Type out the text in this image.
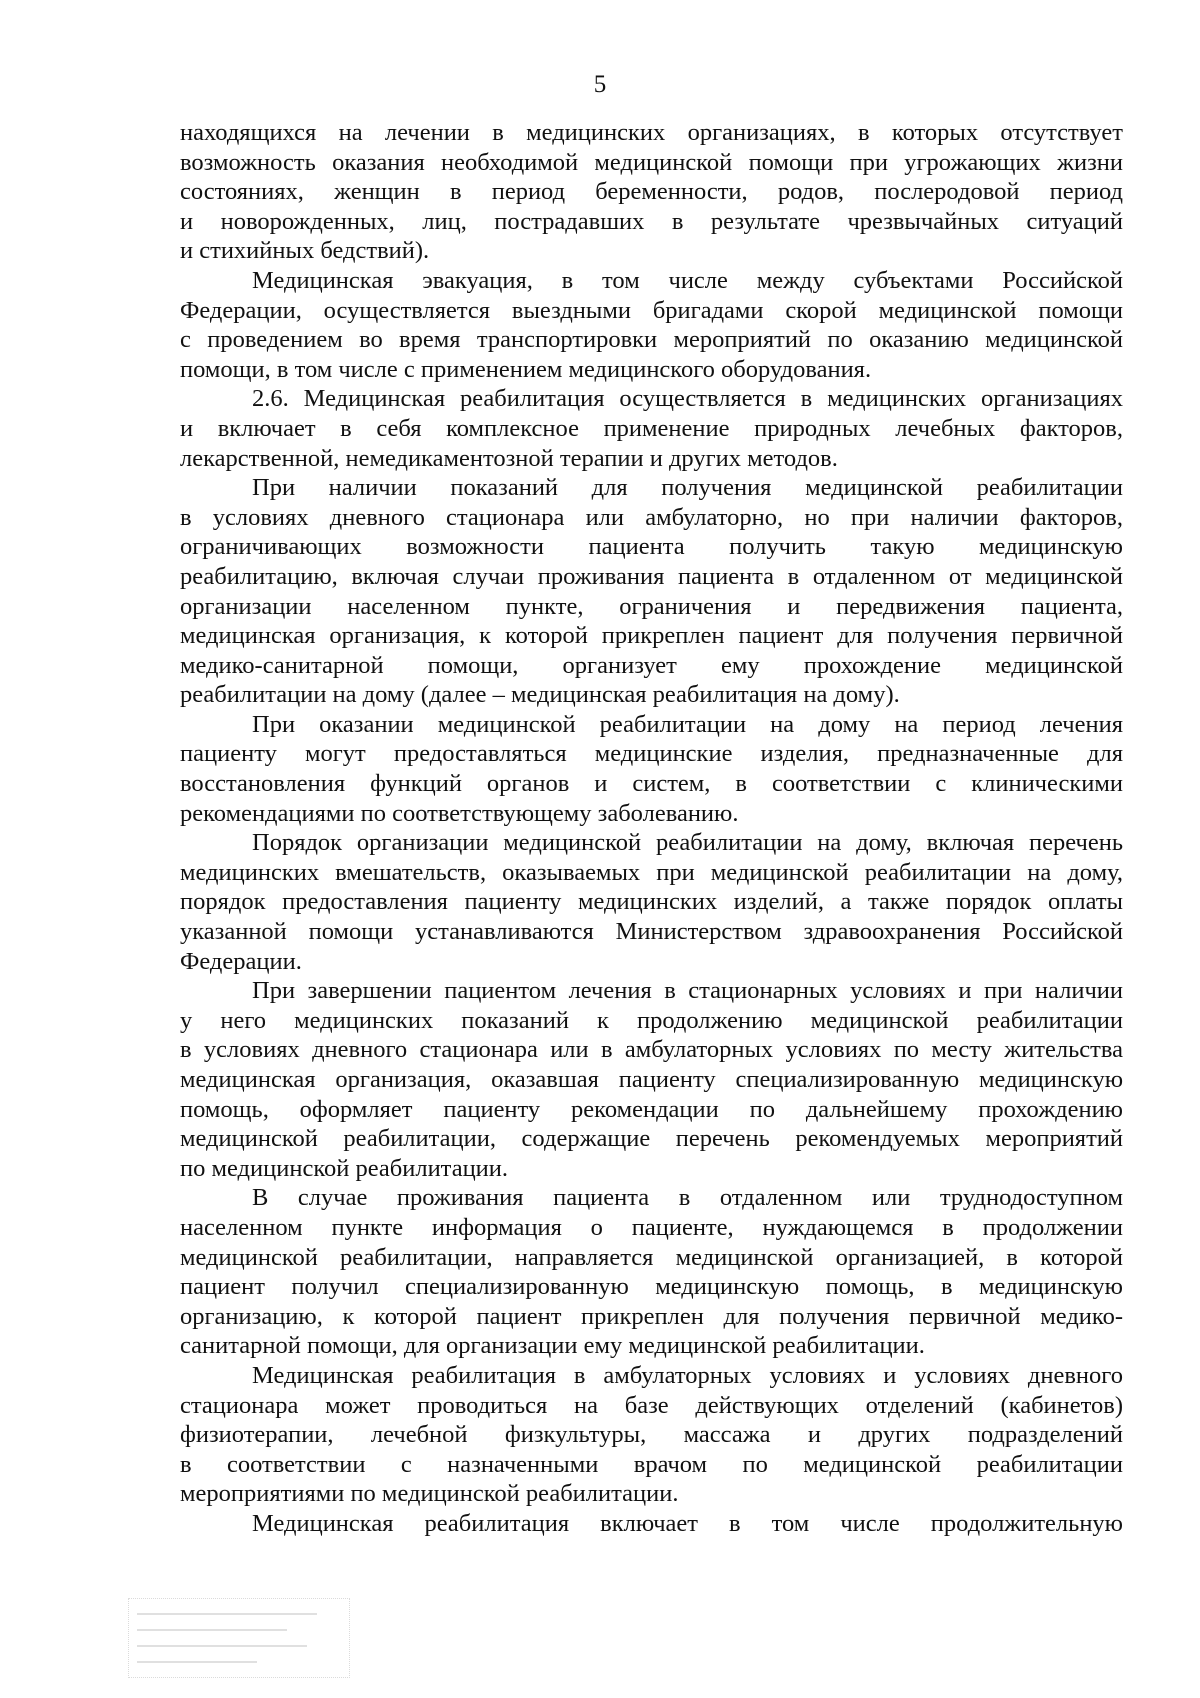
5

находящихся на лечении в медицинских организациях, в которых отсутствует

возможность оказания необходимой медицинской помощи при угрожающих жизни

состояниях, женщин в период беременности, родов, послеродовой период

и новорожденных, лиц, пострадавших в результате чрезвычайных ситуаций

и стихийных бедствий).

Медицинская эвакуация, в том числе между субъектами Российской

Федерации, осуществляется выездными бригадами скорой медицинской помощи

с проведением во время транспортировки мероприятий по оказанию медицинской

помощи, в том числе с применением медицинского оборудования.

2.6. Медицинская реабилитация осуществляется в медицинских организациях

и включает в себя комплексное применение природных лечебных факторов,

лекарственной, немедикаментозной терапии и других методов.

При наличии показаний для получения медицинской реабилитации

в условиях дневного стационара или амбулаторно, но при наличии факторов,

ограничивающих возможности пациента получить такую медицинскую

реабилитацию, включая случаи проживания пациента в отдаленном от медицинской

организации населенном пункте, ограничения и передвижения пациента,

медицинская организация, к которой прикреплен пациент для получения первичной

медико-санитарной помощи, организует ему прохождение медицинской

реабилитации на дому (далее – медицинская реабилитация на дому).

При оказании медицинской реабилитации на дому на период лечения

пациенту могут предоставляться медицинские изделия, предназначенные для

восстановления функций органов и систем, в соответствии с клиническими

рекомендациями по соответствующему заболеванию.

Порядок организации медицинской реабилитации на дому, включая перечень

медицинских вмешательств, оказываемых при медицинской реабилитации на дому,

порядок предоставления пациенту медицинских изделий, а также порядок оплаты

указанной помощи устанавливаются Министерством здравоохранения Российской

Федерации.

При завершении пациентом лечения в стационарных условиях и при наличии

у него медицинских показаний к продолжению медицинской реабилитации

в условиях дневного стационара или в амбулаторных условиях по месту жительства

медицинская организация, оказавшая пациенту специализированную медицинскую

помощь, оформляет пациенту рекомендации по дальнейшему прохождению

медицинской реабилитации, содержащие перечень рекомендуемых мероприятий

по медицинской реабилитации.

В случае проживания пациента в отдаленном или труднодоступном

населенном пункте информация о пациенте, нуждающемся в продолжении

медицинской реабилитации, направляется медицинской организацией, в которой

пациент получил специализированную медицинскую помощь, в медицинскую

организацию, к которой пациент прикреплен для получения первичной медико-

санитарной помощи, для организации ему медицинской реабилитации.

Медицинская реабилитация в амбулаторных условиях и условиях дневного

стационара может проводиться на базе действующих отделений (кабинетов)

физиотерапии, лечебной физкультуры, массажа и других подразделений

в соответствии с назначенными врачом по медицинской реабилитации

мероприятиями по медицинской реабилитации.

Медицинская реабилитация включает в том числе продолжительную
